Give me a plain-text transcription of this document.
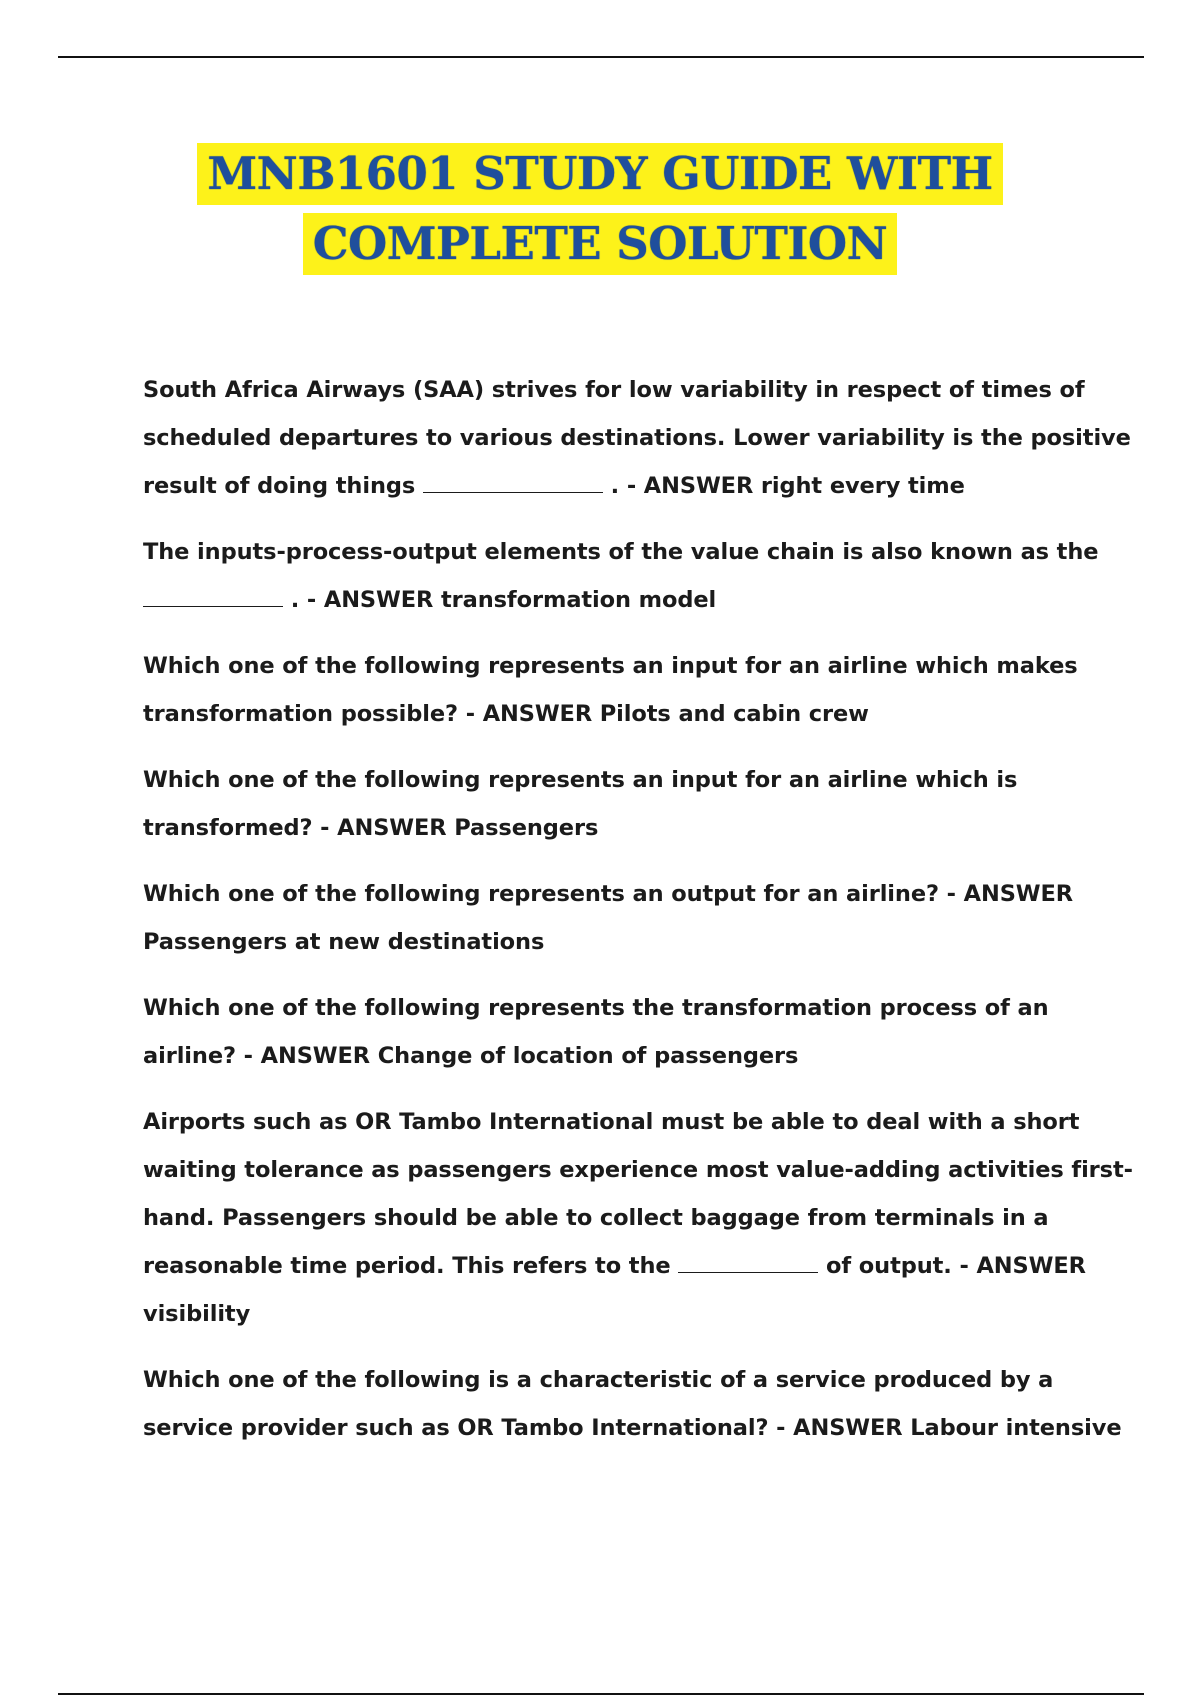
MNB1601 STUDY GUIDE WITH
COMPLETE SOLUTION

South Africa Airways (SAA) strives for low variability in respect of times of scheduled departures to various destinations. Lower variability is the positive result of doing things	. - ANSWER right every time

The inputs-process-output elements of the value chain is also known as the  . - ANSWER transformation model

Which one of the following represents an input for an airline which makes transformation possible? - ANSWER Pilots and cabin crew

Which one of the following represents an input for an airline which is transformed? - ANSWER Passengers

Which one of the following represents an output for an airline? - ANSWER Passengers at new destinations

Which one of the following represents the transformation process of an airline? - ANSWER Change of location of passengers

Airports such as OR Tambo International must be able to deal with a short waiting tolerance as passengers experience most value-adding activities first-hand. Passengers should be able to collect baggage from terminals in a reasonable time period. This refers to the	of output. - ANSWER visibility

Which one of the following is a characteristic of a service produced by a service provider such as OR Tambo International? - ANSWER Labour intensive
